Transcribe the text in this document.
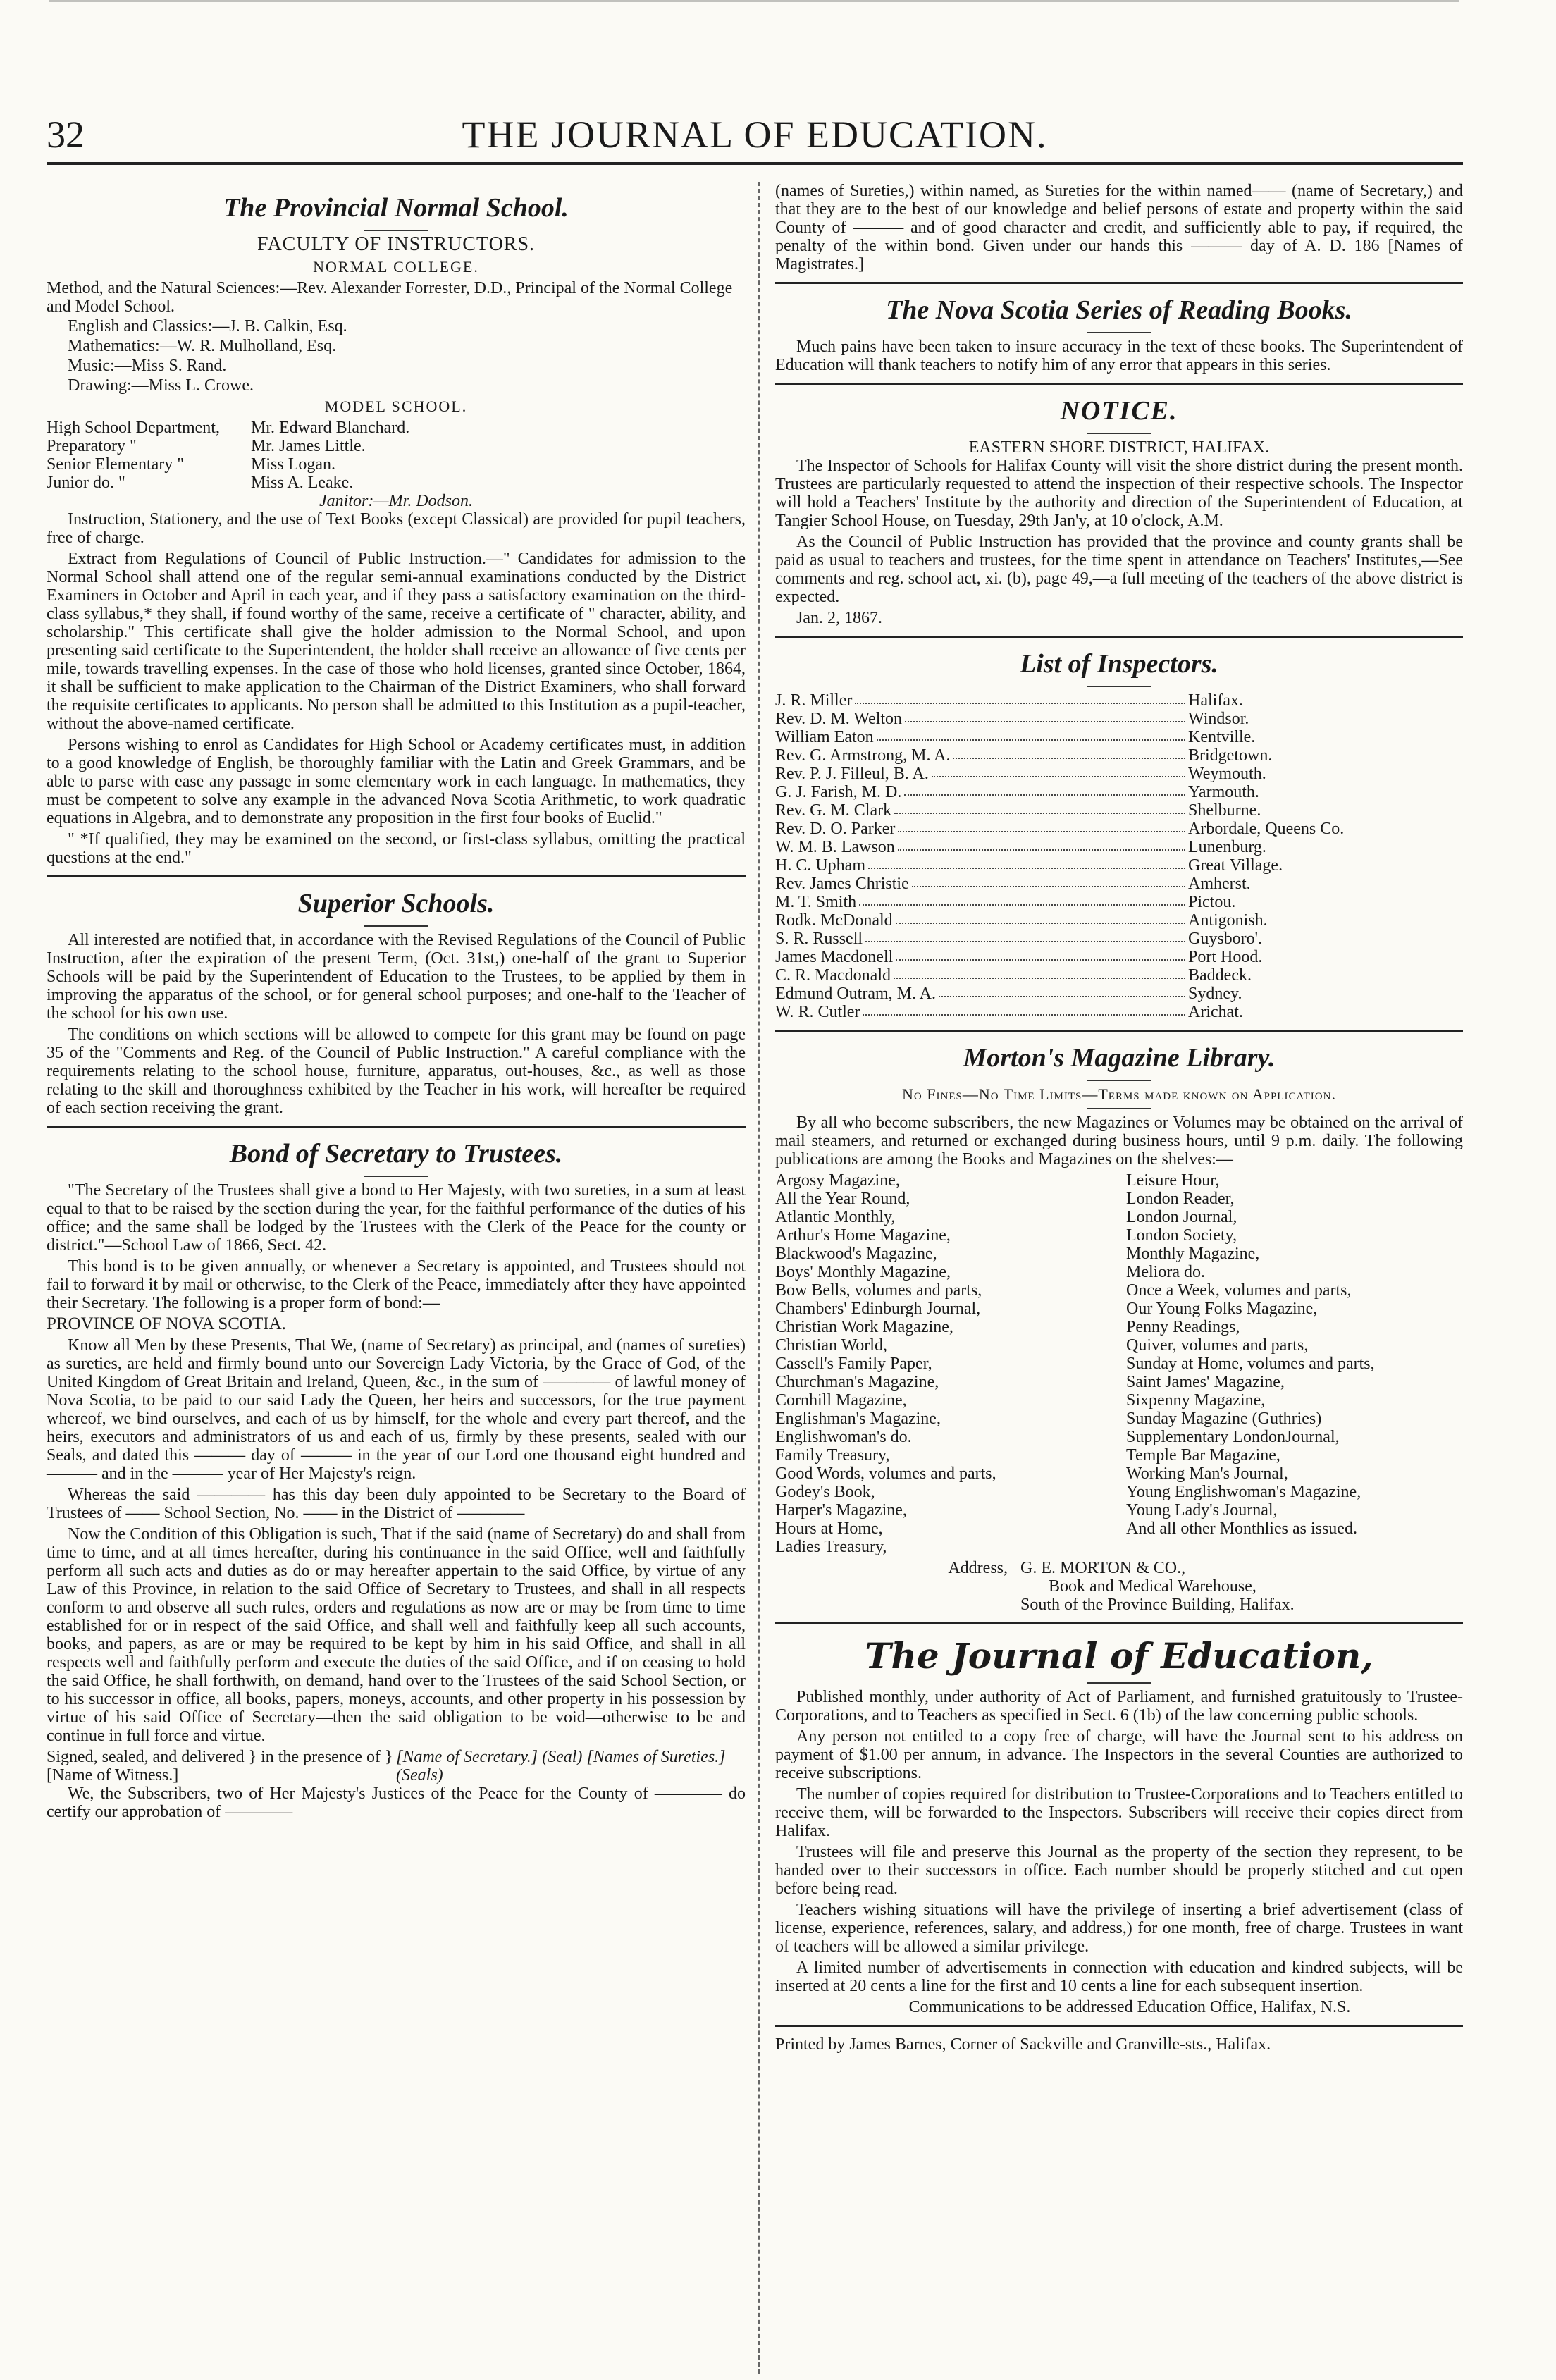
32	THE JOURNAL OF EDUCATION.
The Provincial Normal School.
FACULTY OF INSTRUCTORS.
NORMAL COLLEGE.

Method, and the Natural Sciences:—Rev. Alexander Forrester, D.D., Principal of the Normal College and Model School.

English and Classics:—J. B. Calkin, Esq.

Mathematics:—W. R. Mulholland, Esq.

Music:—Miss S. Rand.

Drawing:—Miss L. Crowe.

MODEL SCHOOL.
High School Department,	Mr. Edward Blanchard.
Preparatory "	Mr. James Little.
Senior Elementary "	Miss Logan.
Junior do. "	Miss A. Leake.
Janitor:—Mr. Dodson.

Instruction, Stationery, and the use of Text Books (except Classical) are provided for pupil teachers, free of charge.

Extract from Regulations of Council of Public Instruction.—" Candidates for admission to the Normal School shall attend one of the regular semi-annual examinations conducted by the District Examiners in October and April in each year, and if they pass a satisfactory examination on the third-class syllabus,* they shall, if found worthy of the same, receive a certificate of " character, ability, and scholarship." This certificate shall give the holder admission to the Normal School, and upon presenting said certificate to the Superintendent, the holder shall receive an allowance of five cents per mile, towards travelling expenses. In the case of those who hold licenses, granted since October, 1864, it shall be sufficient to make application to the Chairman of the District Examiners, who shall forward the requisite certificates to applicants. No person shall be admitted to this Institution as a pupil-teacher, without the above-named certificate.

Persons wishing to enrol as Candidates for High School or Academy certificates must, in addition to a good knowledge of English, be thoroughly familiar with the Latin and Greek Grammars, and be able to parse with ease any passage in some elementary work in each language. In mathematics, they must be competent to solve any example in the advanced Nova Scotia Arithmetic, to work quadratic equations in Algebra, and to demonstrate any proposition in the first four books of Euclid."

" *If qualified, they may be examined on the second, or first-class syllabus, omitting the practical questions at the end."

Superior Schools.

All interested are notified that, in accordance with the Revised Regulations of the Council of Public Instruction, after the expiration of the present Term, (Oct. 31st,) one-half of the grant to Superior Schools will be paid by the Superintendent of Education to the Trustees, to be applied by them in improving the apparatus of the school, or for general school purposes; and one-half to the Teacher of the school for his own use.

The conditions on which sections will be allowed to compete for this grant may be found on page 35 of the "Comments and Reg. of the Council of Public Instruction." A careful compliance with the requirements relating to the school house, furniture, apparatus, out-houses, &c., as well as those relating to the skill and thoroughness exhibited by the Teacher in his work, will hereafter be required of each section receiving the grant.

Bond of Secretary to Trustees.

"The Secretary of the Trustees shall give a bond to Her Majesty, with two sureties, in a sum at least equal to that to be raised by the section during the year, for the faithful performance of the duties of his office; and the same shall be lodged by the Trustees with the Clerk of the Peace for the county or district."—School Law of 1866, Sect. 42.

This bond is to be given annually, or whenever a Secretary is appointed, and Trustees should not fail to forward it by mail or otherwise, to the Clerk of the Peace, immediately after they have appointed their Secretary. The following is a proper form of bond:—

PROVINCE OF NOVA SCOTIA.

Know all Men by these Presents, That We, (name of Secretary) as principal, and (names of sureties) as sureties, are held and firmly bound unto our Sovereign Lady Victoria, by the Grace of God, of the United Kingdom of Great Britain and Ireland, Queen, &c., in the sum of ———— of lawful money of Nova Scotia, to be paid to our said Lady the Queen, her heirs and successors, for the true payment whereof, we bind ourselves, and each of us by himself, for the whole and every part thereof, and the heirs, executors and administrators of us and each of us, firmly by these presents, sealed with our Seals, and dated this ——— day of ——— in the year of our Lord one thousand eight hundred and ——— and in the ——— year of Her Majesty's reign.

Whereas the said ———— has this day been duly appointed to be Secretary to the Board of Trustees of —— School Section, No. —— in the District of ————

Now the Condition of this Obligation is such, That if the said (name of Secretary) do and shall from time to time, and at all times hereafter, during his continuance in the said Office, well and faithfully perform all such acts and duties as do or may hereafter appertain to the said Office, by virtue of any Law of this Province, in relation to the said Office of Secretary to Trustees, and shall in all respects conform to and observe all such rules, orders and regulations as now are or may be from time to time established for or in respect of the said Office, and shall well and faithfully keep all such accounts, books, and papers, as are or may be required to be kept by him in his said Office, and shall in all respects well and faithfully perform and execute the duties of the said Office, and if on ceasing to hold the said Office, he shall forthwith, on demand, hand over to the Trustees of the said School Section, or to his successor in office, all books, papers, moneys, accounts, and other property in his possession by virtue of his said Office of Secretary—then the said obligation to be void—otherwise to be and continue in full force and virtue.

Signed, sealed, and delivered } in the presence of } [Name of Witness.]
[Name of Secretary.] (Seal) [Names of Sureties.] (Seals)

We, the Subscribers, two of Her Majesty's Justices of the Peace for the County of ———— do certify our approbation of ————

(names of Sureties,) within named, as Sureties for the within named—— (name of Secretary,) and that they are to the best of our knowledge and belief persons of estate and property within the said County of ——— and of good character and credit, and sufficiently able to pay, if required, the penalty of the within bond. Given under our hands this ——— day of A. D. 186 [Names of Magistrates.]

The Nova Scotia Series of Reading Books.

Much pains have been taken to insure accuracy in the text of these books. The Superintendent of Education will thank teachers to notify him of any error that appears in this series.

NOTICE.
EASTERN SHORE DISTRICT, HALIFAX.

The Inspector of Schools for Halifax County will visit the shore district during the present month. Trustees are particularly requested to attend the inspection of their respective schools. The Inspector will hold a Teachers' Institute by the authority and direction of the Superintendent of Education, at Tangier School House, on Tuesday, 29th Jan'y, at 10 o'clock, A.M.

As the Council of Public Instruction has provided that the province and county grants shall be paid as usual to teachers and trustees, for the time spent in attendance on Teachers' Institutes,—See comments and reg. school act, xi. (b), page 49,—a full meeting of the teachers of the above district is expected.

Jan. 2, 1867.

List of Inspectors.
J. R. Miller	Halifax.
Rev. D. M. Welton	Windsor.
William Eaton	Kentville.
Rev. G. Armstrong, M. A.	Bridgetown.
Rev. P. J. Filleul, B. A.	Weymouth.
G. J. Farish, M. D.	Yarmouth.
Rev. G. M. Clark	Shelburne.
Rev. D. O. Parker	Arbordale, Queens Co.
W. M. B. Lawson	Lunenburg.
H. C. Upham	Great Village.
Rev. James Christie	Amherst.
M. T. Smith	Pictou.
Rodk. McDonald	Antigonish.
S. R. Russell	Guysboro'.
James Macdonell	Port Hood.
C. R. Macdonald	Baddeck.
Edmund Outram, M. A.	Sydney.
W. R. Cutler	Arichat.
Morton's Magazine Library.
No Fines—No Time Limits—Terms made known on Application.

By all who become subscribers, the new Magazines or Volumes may be obtained on the arrival of mail steamers, and returned or exchanged during business hours, until 9 p.m. daily. The following publications are among the Books and Magazines on the shelves:—

Argosy Magazine,
All the Year Round,
Atlantic Monthly,
Arthur's Home Magazine,
Blackwood's Magazine,
Boys' Monthly Magazine,
Bow Bells, volumes and parts,
Chambers' Edinburgh Journal,
Christian Work Magazine,
Christian World,
Cassell's Family Paper,
Churchman's Magazine,
Cornhill Magazine,
Englishman's Magazine,
Englishwoman's do.
Family Treasury,
Good Words, volumes and parts,
Godey's Book,
Harper's Magazine,
Hours at Home,
Ladies Treasury,
Leisure Hour,
London Reader,
London Journal,
London Society,
Monthly Magazine,
Meliora do.
Once a Week, volumes and parts,
Our Young Folks Magazine,
Penny Readings,
Quiver, volumes and parts,
Sunday at Home, volumes and parts,
Saint James' Magazine,
Sixpenny Magazine,
Sunday Magazine (Guthries)
Supplementary LondonJournal,
Temple Bar Magazine,
Working Man's Journal,
Young Englishwoman's Magazine,
Young Lady's Journal,
And all other Monthlies as issued.
Address, G. E. MORTON & CO.,
Book and Medical Warehouse,
South of the Province Building, Halifax.
The Journal of Education,

Published monthly, under authority of Act of Parliament, and furnished gratuitously to Trustee-Corporations, and to Teachers as specified in Sect. 6 (1b) of the law concerning public schools.

Any person not entitled to a copy free of charge, will have the Journal sent to his address on payment of $1.00 per annum, in advance. The Inspectors in the several Counties are authorized to receive subscriptions.

The number of copies required for distribution to Trustee-Corporations and to Teachers entitled to receive them, will be forwarded to the Inspectors. Subscribers will receive their copies direct from Halifax.

Trustees will file and preserve this Journal as the property of the section they represent, to be handed over to their successors in office. Each number should be properly stitched and cut open before being read.

Teachers wishing situations will have the privilege of inserting a brief advertisement (class of license, experience, references, salary, and address,) for one month, free of charge. Trustees in want of teachers will be allowed a similar privilege.

A limited number of advertisements in connection with education and kindred subjects, will be inserted at 20 cents a line for the first and 10 cents a line for each subsequent insertion.

Communications to be addressed Education Office, Halifax, N.S.

Printed by James Barnes, Corner of Sackville and Granville-sts., Halifax.
